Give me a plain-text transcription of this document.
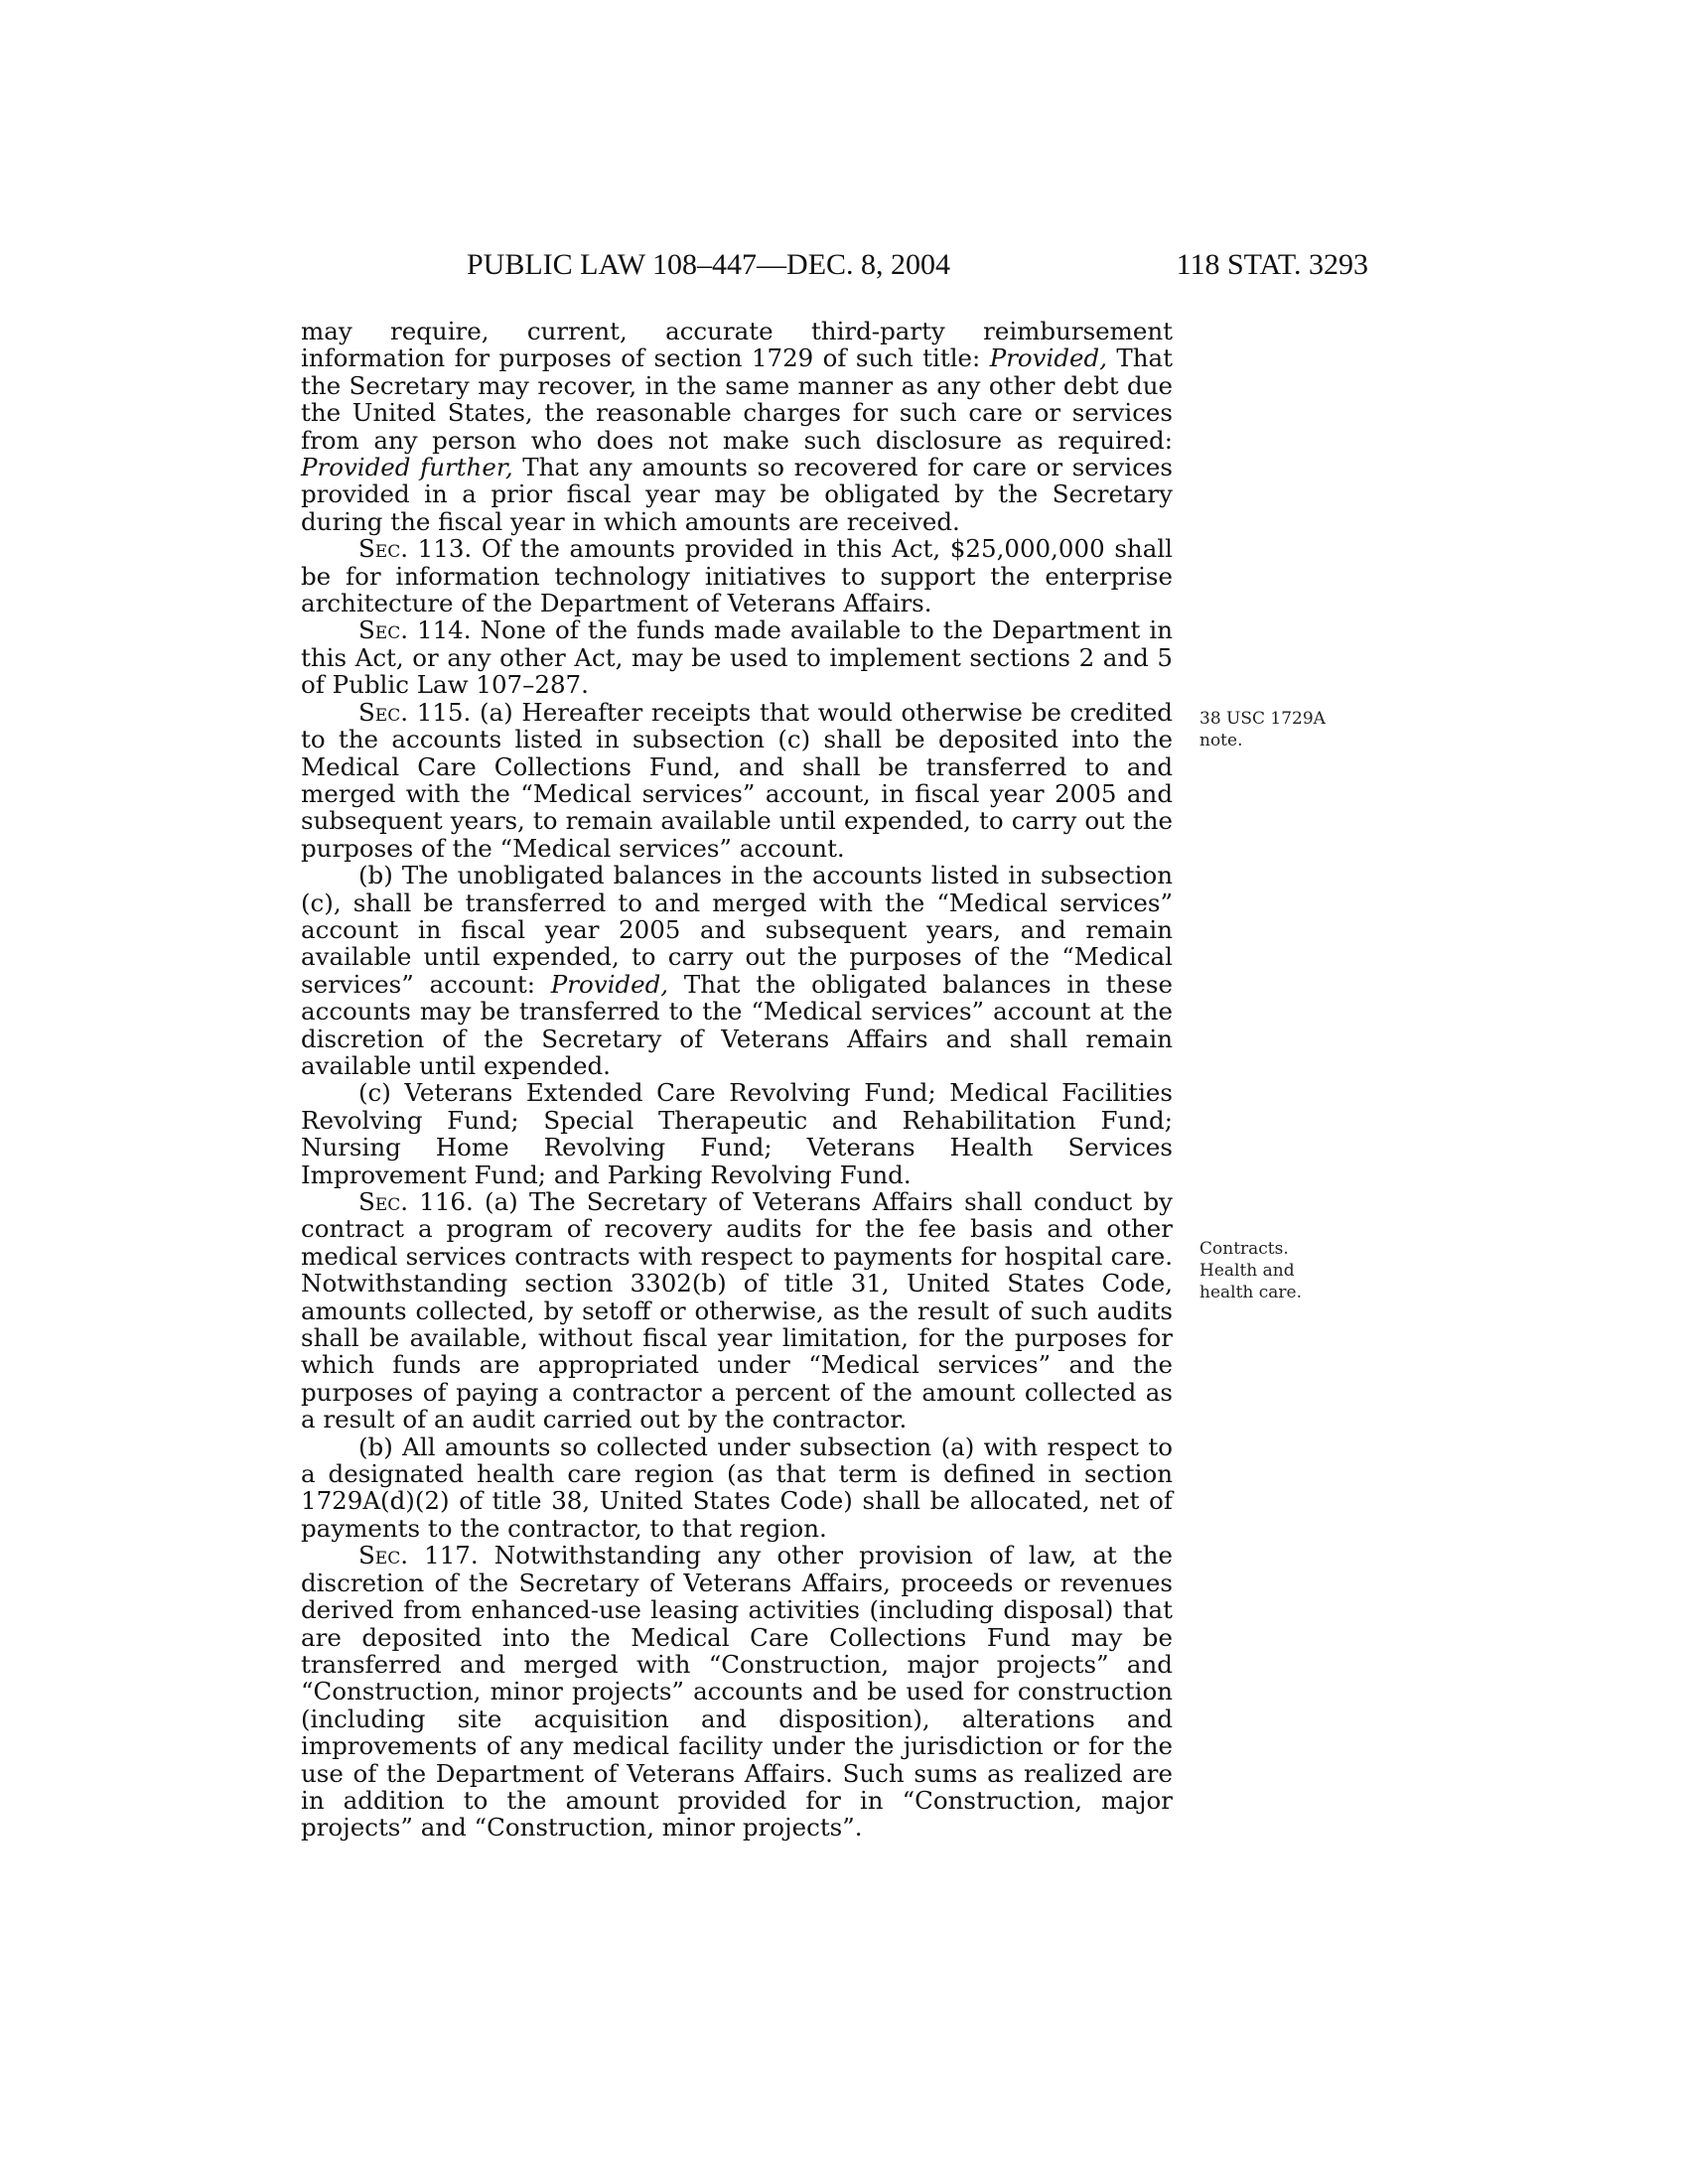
PUBLIC LAW 108–447—DEC. 8, 2004	118 STAT. 3293

may require, current, accurate third-party reimbursement information for purposes of section 1729 of such title: Provided, That the Secretary may recover, in the same manner as any other debt due the United States, the reasonable charges for such care or services from any person who does not make such disclosure as required: Provided further, That any amounts so recovered for care or services provided in a prior fiscal year may be obligated by the Secretary during the fiscal year in which amounts are received.

Sec. 113. Of the amounts provided in this Act, $25,000,000 shall be for information technology initiatives to support the enterprise architecture of the Department of Veterans Affairs.

Sec. 114. None of the funds made available to the Department in this Act, or any other Act, may be used to implement sections 2 and 5 of Public Law 107–287.

Sec. 115. (a) Hereafter receipts that would otherwise be credited to the accounts listed in subsection (c) shall be deposited into the Medical Care Collections Fund, and shall be transferred to and merged with the “Medical services” account, in fiscal year 2005 and subsequent years, to remain available until expended, to carry out the purposes of the “Medical services” account.

(b) The unobligated balances in the accounts listed in subsection (c), shall be transferred to and merged with the “Medical services” account in fiscal year 2005 and subsequent years, and remain available until expended, to carry out the purposes of the “Medical services” account: Provided, That the obligated balances in these accounts may be transferred to the “Medical services” account at the discretion of the Secretary of Veterans Affairs and shall remain available until expended.

(c) Veterans Extended Care Revolving Fund; Medical Facilities Revolving Fund; Special Therapeutic and Rehabilitation Fund; Nursing Home Revolving Fund; Veterans Health Services Improvement Fund; and Parking Revolving Fund.

Sec. 116. (a) The Secretary of Veterans Affairs shall conduct by contract a program of recovery audits for the fee basis and other medical services contracts with respect to payments for hospital care. Notwithstanding section 3302(b) of title 31, United States Code, amounts collected, by setoff or otherwise, as the result of such audits shall be available, without fiscal year limitation, for the purposes for which funds are appropriated under “Medical services” and the purposes of paying a contractor a percent of the amount collected as a result of an audit carried out by the contractor.

(b) All amounts so collected under subsection (a) with respect to a designated health care region (as that term is defined in section 1729A(d)(2) of title 38, United States Code) shall be allocated, net of payments to the contractor, to that region.

Sec. 117. Notwithstanding any other provision of law, at the discretion of the Secretary of Veterans Affairs, proceeds or revenues derived from enhanced-use leasing activities (including disposal) that are deposited into the Medical Care Collections Fund may be transferred and merged with “Construction, major projects” and “Construction, minor projects” accounts and be used for construction (including site acquisition and disposition), alterations and improvements of any medical facility under the jurisdiction or for the use of the Department of Veterans Affairs. Such sums as realized are in addition to the amount provided for in “Construction, major projects” and “Construction, minor projects”.

38 USC 1729A
note.
Contracts.
Health and
health care.
